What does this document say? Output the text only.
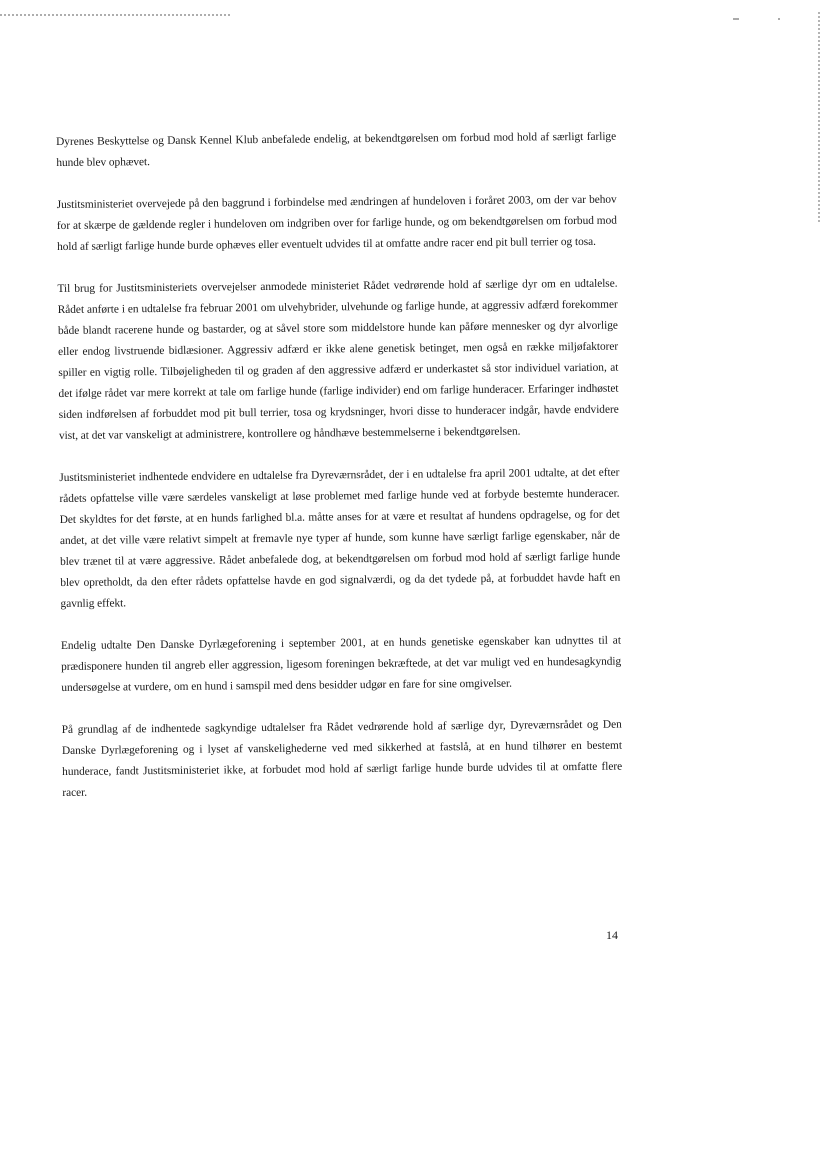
Dyrenes Beskyttelse og Dansk Kennel Klub anbefalede endelig, at bekendtgørelsen om forbud mod hold af særligt farlige hunde blev ophævet.

Justitsministeriet overvejede på den baggrund i forbindelse med ændringen af hundeloven i foråret 2003, om der var behov for at skærpe de gældende regler i hundeloven om indgriben over for farlige hunde, og om bekendtgørelsen om forbud mod hold af særligt farlige hunde burde ophæves eller eventuelt udvides til at omfatte andre racer end pit bull terrier og tosa.

Til brug for Justitsministeriets overvejelser anmodede ministeriet Rådet vedrørende hold af særlige dyr om en udtalelse. Rådet anførte i en udtalelse fra februar 2001 om ulvehybrider, ulvehunde og farlige hunde, at aggressiv adfærd forekommer både blandt racerene hunde og bastarder, og at såvel store som middelstore hunde kan påføre mennesker og dyr alvorlige eller endog livstruende bidlæsioner. Aggressiv adfærd er ikke alene genetisk betinget, men også en række miljøfaktorer spiller en vigtig rolle. Tilbøjeligheden til og graden af den aggressive adfærd er underkastet så stor individuel variation, at det ifølge rådet var mere korrekt at tale om farlige hunde (farlige individer) end om farlige hunderacer. Erfaringer indhøstet siden indførelsen af forbuddet mod pit bull terrier, tosa og krydsninger, hvori disse to hunderacer indgår, havde endvidere vist, at det var vanskeligt at administrere, kontrollere og håndhæve bestemmelserne i bekendtgørelsen.

Justitsministeriet indhentede endvidere en udtalelse fra Dyreværnsrådet, der i en udtalelse fra april 2001 udtalte, at det efter rådets opfattelse ville være særdeles vanskeligt at løse problemet med farlige hunde ved at forbyde bestemte hunderacer. Det skyldtes for det første, at en hunds farlighed bl.a. måtte anses for at være et resultat af hundens opdragelse, og for det andet, at det ville være relativt simpelt at fremavle nye typer af hunde, som kunne have særligt farlige egenskaber, når de blev trænet til at være aggressive. Rådet anbefalede dog, at bekendtgørelsen om forbud mod hold af særligt farlige hunde blev opretholdt, da den efter rådets opfattelse havde en god signalværdi, og da det tydede på, at forbuddet havde haft en gavnlig effekt.

Endelig udtalte Den Danske Dyrlægeforening i september 2001, at en hunds genetiske egenskaber kan udnyttes til at prædisponere hunden til angreb eller aggression, ligesom foreningen bekræftede, at det var muligt ved en hundesagkyndig undersøgelse at vurdere, om en hund i samspil med dens besidder udgør en fare for sine omgivelser.

På grundlag af de indhentede sagkyndige udtalelser fra Rådet vedrørende hold af særlige dyr, Dyreværnsrådet og Den Danske Dyrlægeforening og i lyset af vanskelighederne ved med sikkerhed at fastslå, at en hund tilhører en bestemt hunderace, fandt Justitsministeriet ikke, at forbudet mod hold af særligt farlige hunde burde udvides til at omfatte flere racer.

14
